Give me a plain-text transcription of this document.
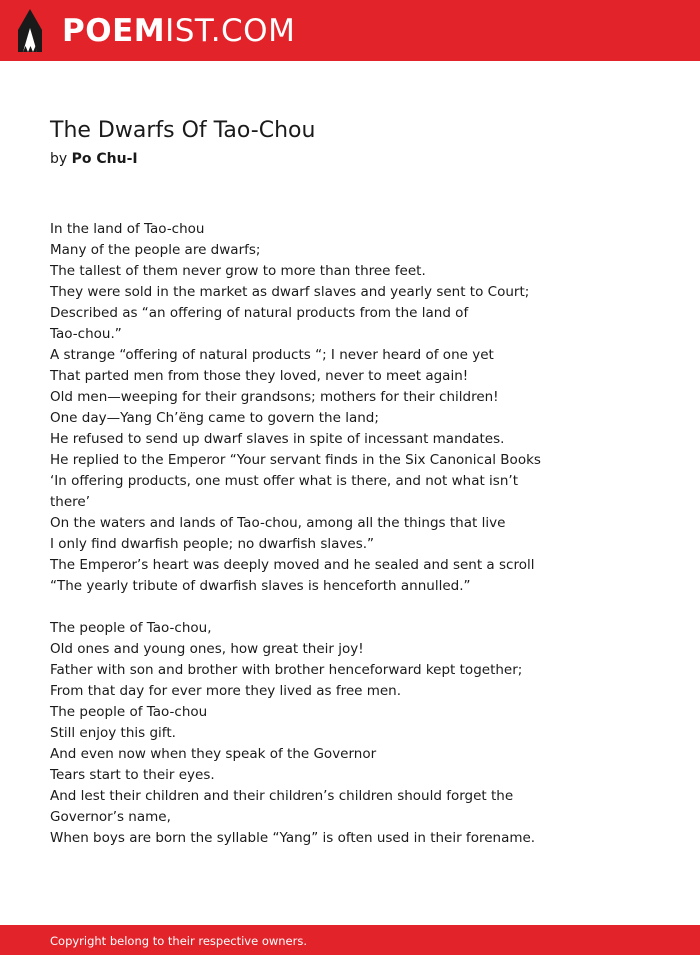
POEMIST.COM
The Dwarfs Of Tao-Chou
by Po Chu-I
In the land of Tao-chou
Many of the people are dwarfs;
The tallest of them never grow to more than three feet.
They were sold in the market as dwarf slaves and yearly sent to Court;
Described as “an offering of natural products from the land of
Tao-chou.”
A strange “offering of natural products “; I never heard of one yet
That parted men from those they loved, never to meet again!
Old men—weeping for their grandsons; mothers for their children!
One day—Yang Ch’ëng came to govern the land;
He refused to send up dwarf slaves in spite of incessant mandates.
He replied to the Emperor “Your servant finds in the Six Canonical Books
‘In offering products, one must offer what is there, and not what isn’t
there’
On the waters and lands of Tao-chou, among all the things that live
I only find dwarfish people; no dwarfish slaves.”
The Emperor’s heart was deeply moved and he sealed and sent a scroll
“The yearly tribute of dwarfish slaves is henceforth annulled.”
The people of Tao-chou,
Old ones and young ones, how great their joy!
Father with son and brother with brother henceforward kept together;
From that day for ever more they lived as free men.
The people of Tao-chou
Still enjoy this gift.
And even now when they speak of the Governor
Tears start to their eyes.
And lest their children and their children’s children should forget the
Governor’s name,
When boys are born the syllable “Yang” is often used in their forename.
Copyright belong to their respective owners.
